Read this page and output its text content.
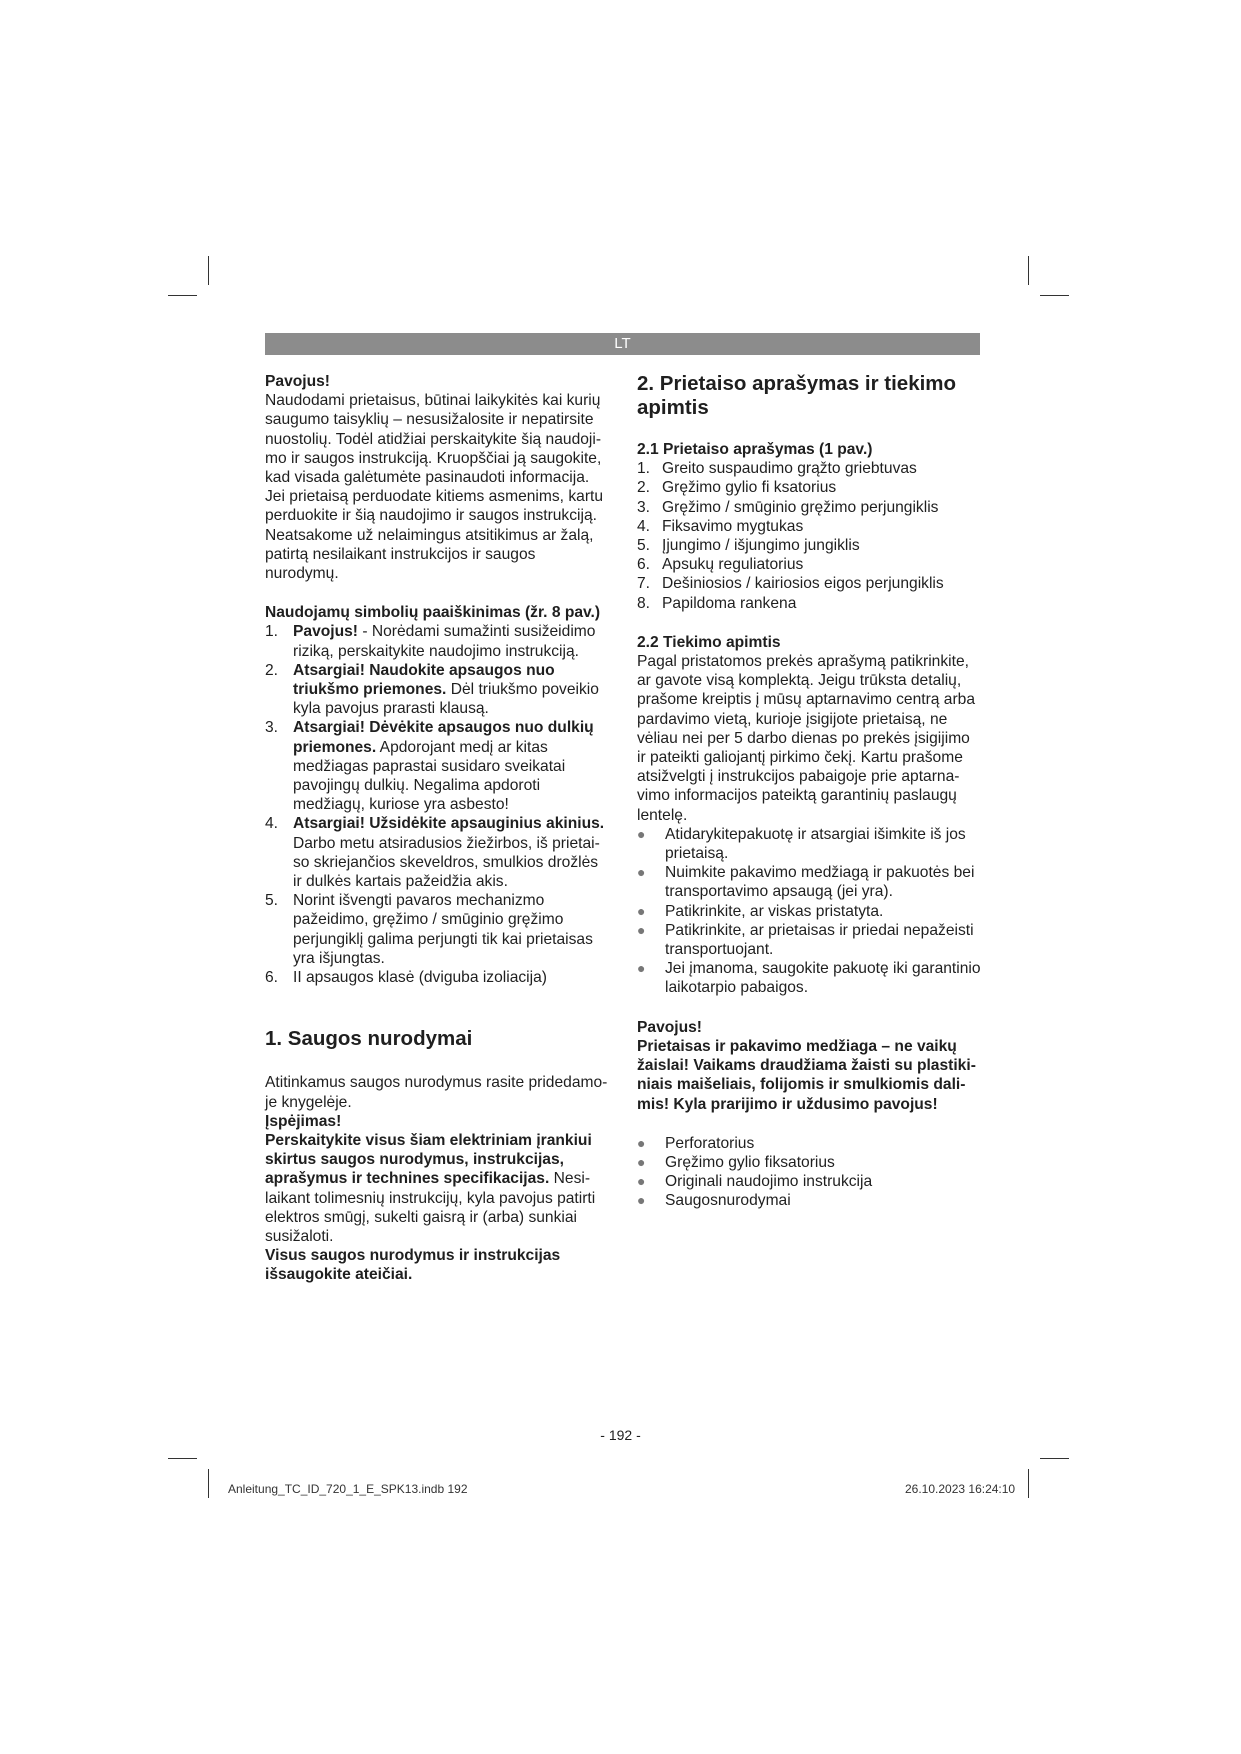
LT

Pavojus!

Naudodami prietaisus, būtinai laikykitės kai kurių saugumo taisyklių – nesusižalosite ir nepatirsite nuostolių. Todėl atidžiai perskaitykite šią naudojimo ir saugos instrukciją. Kruopščiai ją saugokite, kad visada galėtumėte pasinaudoti informacija. Jei prietaisą perduodate kitiems asmenims, kartu perduokite ir šią naudojimo ir saugos instrukciją. Neatsakome už nelaimingus atsitikimus ar žalą, patirtą nesilaikant instrukcijos ir saugos nurodymų.

Naudojamų simbolių paaiškinimas (žr. 8 pav.)

1. Pavojus! - Norėdami sumažinti susižeidimo riziką, perskaitykite naudojimo instrukciją.
2. Atsargiai! Naudokite apsaugos nuo triukšmo priemones. Dėl triukšmo poveikio kyla pavojus prarasti klausą.
3. Atsargiai! Dėvėkite apsaugos nuo dulkių priemones. Apdorojant medį ar kitas medžiagas paprastai susidaro sveikatai pavojingų dulkių. Negalima apdoroti medžiagų, kuriose yra asbesto!
4. Atsargiai! Užsidėkite apsauginius akinius. Darbo metu atsiradusios žiežirbos, iš prietaiso skriejančios skeveldros, smulkios drožlės ir dulkės kartais pažeidžia akis.
5. Norint išvengti pavaros mechanizmo pažeidimo, gręžimo / smūginio gręžimo perjungiklį galima perjungti tik kai prietaisas yra išjungtas.
6. II apsaugos klasė (dviguba izoliacija)

1. Saugos nurodymai

Atitinkamus saugos nurodymus rasite pridedamoje knygelėje.

Įspėjimas!

Perskaitykite visus šiam elektriniam įrankiui skirtus saugos nurodymus, instrukcijas, aprašymus ir technines specifikacijas. Nesilaikant tolimesnių instrukcijų, kyla pavojus patirti elektros smūgį, sukelti gaisrą ir (arba) sunkiai susižaloti.

Visus saugos nurodymus ir instrukcijas išsaugokite ateičiai.

2. Prietaiso aprašymas ir tiekimo apimtis

2.1 Prietaiso aprašymas (1 pav.)

1. Greito suspaudimo grąžto griebtuvas
2. Gręžimo gylio fi ksatorius
3. Gręžimo / smūginio gręžimo perjungiklis
4. Fiksavimo mygtukas
5. Įjungimo / išjungimo jungiklis
6. Apsukų reguliatorius
7. Dešiniosios / kairiosios eigos perjungiklis
8. Papildoma rankena

2.2 Tiekimo apimtis

Pagal pristatomos prekės aprašymą patikrinkite, ar gavote visą komplektą. Jeigu trūksta detalių, prašome kreiptis į mūsų aptarnavimo centrą arba pardavimo vietą, kurioje įsigijote prietaisą, ne vėliau nei per 5 darbo dienas po prekės įsigijimo ir pateikti galiojantį pirkimo čekį. Kartu prašome atsižvelgti į instrukcijos pabaigoje prie aptarnavimo informacijos pateiktą garantinių paslaugų lentelę.

● Atidarykitepakuotę ir atsargiai išimkite iš jos prietaisą.
● Nuimkite pakavimo medžiagą ir pakuotės bei transportavimo apsaugą (jei yra).
● Patikrinkite, ar viskas pristatyta.
● Patikrinkite, ar prietaisas ir priedai nepažeisti transportuojant.
● Jei įmanoma, saugokite pakuotę iki garantinio laikotarpio pabaigos.

Pavojus!

Prietaisas ir pakavimo medžiaga – ne vaikų žaislai! Vaikams draudžiama žaisti su plastikiniais maišeliais, folijomis ir smulkiomis dalimis! Kyla prarijimo ir uždusimo pavojus!

● Perforatorius
● Gręžimo gylio fiksatorius
● Originali naudojimo instrukcija
● Saugosnurodymai
- 192 -
Anleitung_TC_ID_720_1_E_SPK13.indb 192	26.10.2023 16:24:10
